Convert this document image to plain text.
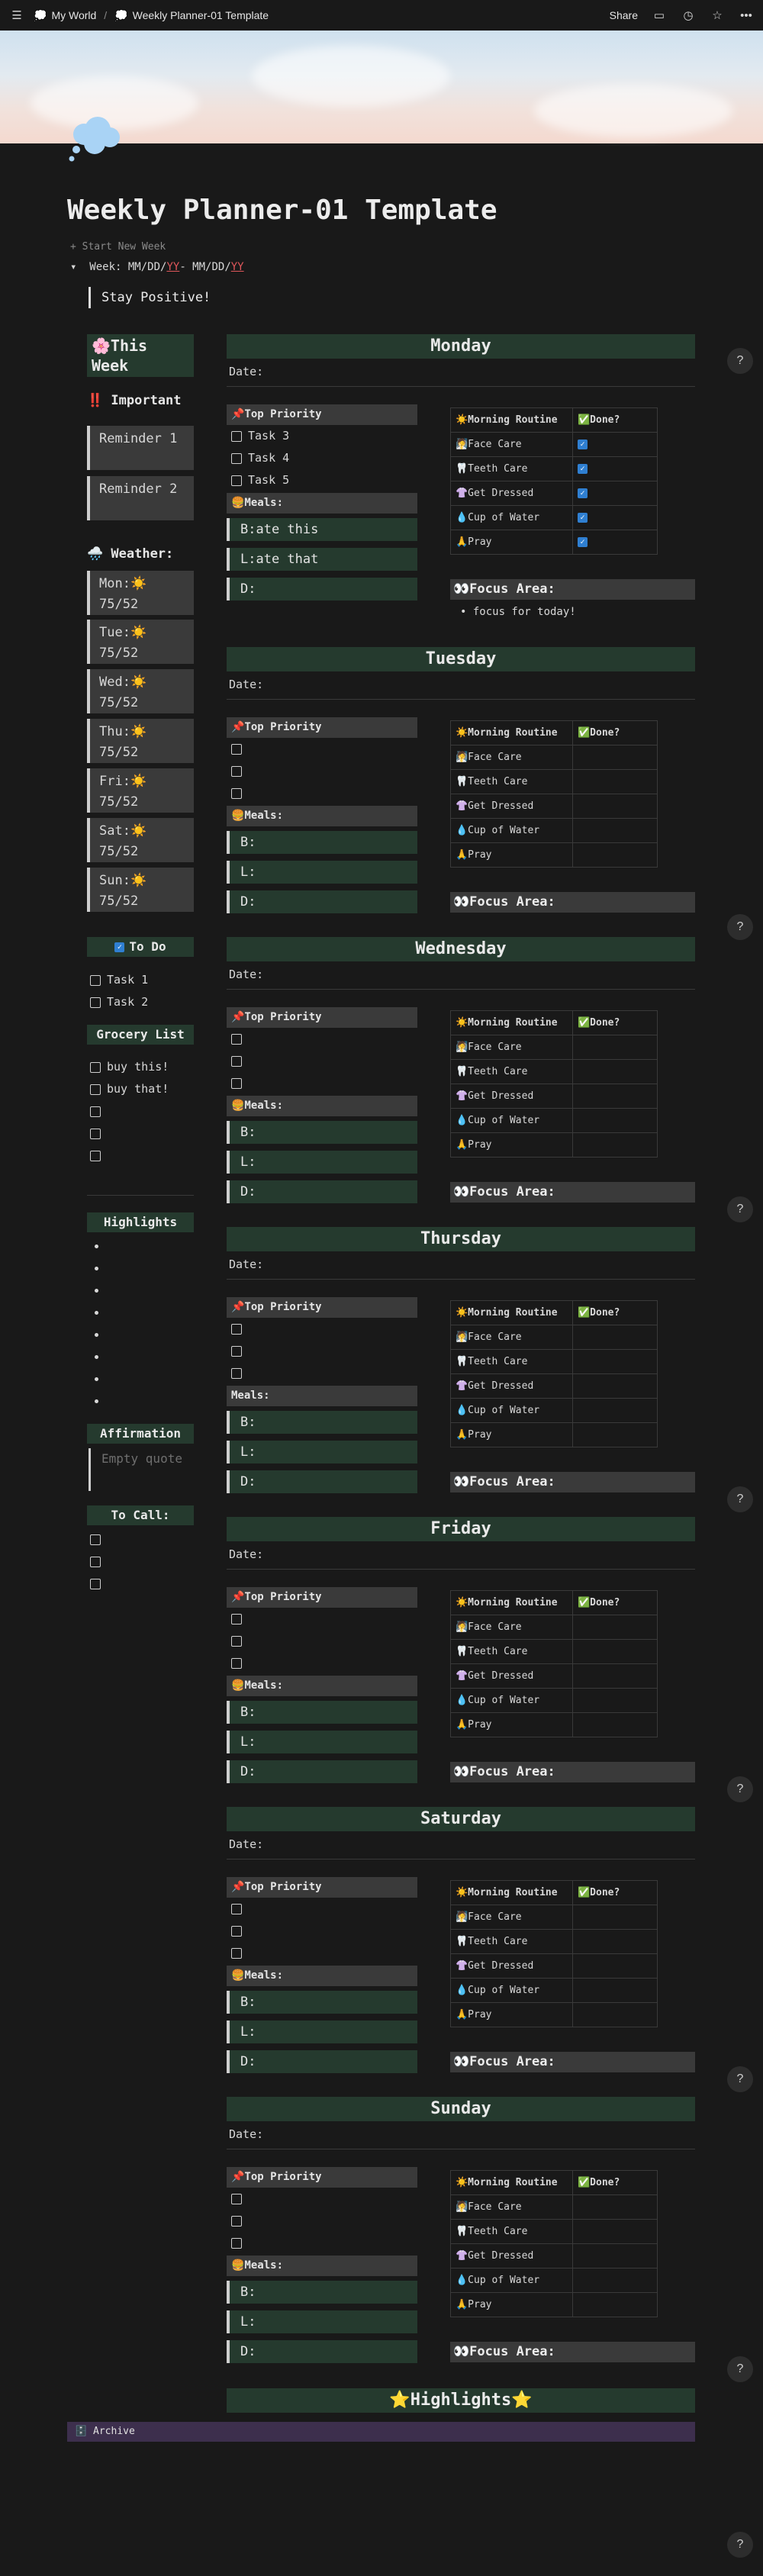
☰ 💭 My World / 💭 Weekly Planner-01 Template	Share ▭ ◷ ☆ •••
Weekly Planner-01 Template
+ Start New Week
▾ Week: MM/DD/YY- MM/DD/YY
Stay Positive!
🌸This Week
‼️ Important
Reminder 1
Reminder 2
🌧️ Weather:
Mon:☀️ 75/52
Tue:☀️ 75/52
Wed:☀️ 75/52
Thu:☀️ 75/52
Fri:☀️ 75/52
Sat:☀️ 75/52
Sun:☀️ 75/52
✓ To Do
Task 1
Task 2
Grocery List
buy this!
buy that!
Highlights
Affirmation
Empty quote
To Call:
Monday
Date:
📌Top Priority
Task 3
Task 4
Task 5
🍔Meals:
B:ate this
L:ate that
D:
☀️Morning Routine	✅Done?
🧖Face Care	✓
🦷Teeth Care	✓
👚Get Dressed	✓
💧Cup of Water	✓
🙏Pray	✓
👀Focus Area:
• focus for today!
?
Tuesday
Date:
📌Top Priority
🍔Meals:
B:
L:
D:
☀️Morning Routine	✅Done?
🧖Face Care	
🦷Teeth Care	
👚Get Dressed	
💧Cup of Water	
🙏Pray	
👀Focus Area:
?
Wednesday
Date:
📌Top Priority
🍔Meals:
B:
L:
D:
☀️Morning Routine	✅Done?
🧖Face Care	
🦷Teeth Care	
👚Get Dressed	
💧Cup of Water	
🙏Pray	
👀Focus Area:
?
Thursday
Date:
📌Top Priority
Meals:
B:
L:
D:
☀️Morning Routine	✅Done?
🧖Face Care	
🦷Teeth Care	
👚Get Dressed	
💧Cup of Water	
🙏Pray	
👀Focus Area:
?
Friday
Date:
📌Top Priority
🍔Meals:
B:
L:
D:
☀️Morning Routine	✅Done?
🧖Face Care	
🦷Teeth Care	
👚Get Dressed	
💧Cup of Water	
🙏Pray	
👀Focus Area:
?
Saturday
Date:
📌Top Priority
🍔Meals:
B:
L:
D:
☀️Morning Routine	✅Done?
🧖Face Care	
🦷Teeth Care	
👚Get Dressed	
💧Cup of Water	
🙏Pray	
👀Focus Area:
?
Sunday
Date:
📌Top Priority
🍔Meals:
B:
L:
D:
☀️Morning Routine	✅Done?
🧖Face Care	
🦷Teeth Care	
👚Get Dressed	
💧Cup of Water	
🙏Pray	
👀Focus Area:
?
?
⭐Highlights⭐
🗄️ Archive
